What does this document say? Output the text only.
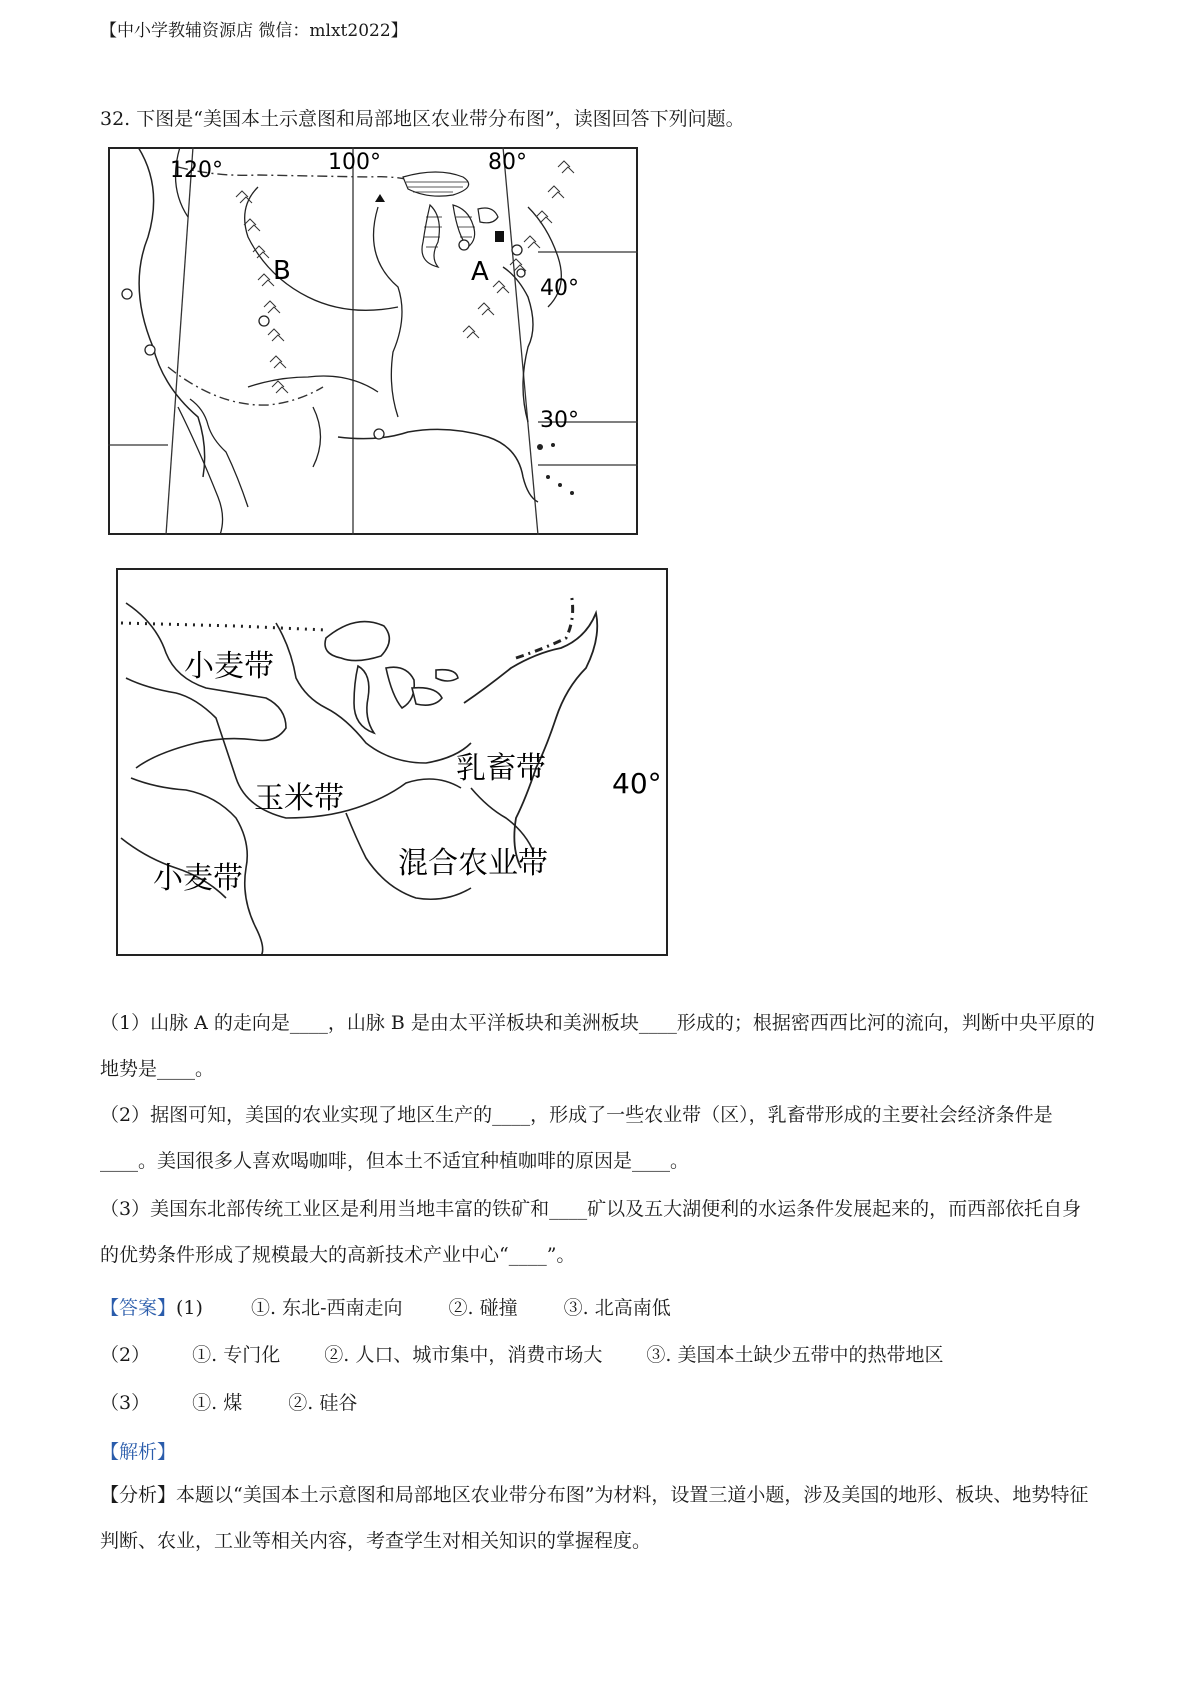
【中小学教辅资源店 微信：mlxt2022】
32. 下图是“美国本土示意图和局部地区农业带分布图”，读图回答下列问题。
120°	100°	80°
40°
30°
A
B
小麦带
玉米带
小麦带
乳畜带
混合农业带
40°
（1）山脉 A 的走向是____，山脉 B 是由太平洋板块和美洲板块____形成的；根据密西西比河的流向，判断中央平原的地势是____。
（2）据图可知，美国的农业实现了地区生产的____，形成了一些农业带（区），乳畜带形成的主要社会经济条件是____。美国很多人喜欢喝咖啡，但本土不适宜种植咖啡的原因是____。
（3）美国东北部传统工业区是利用当地丰富的铁矿和____矿以及五大湖便利的水运条件发展起来的，而西部依托自身的优势条件形成了规模最大的高新技术产业中心“____”。
【答案】(1)	①. 东北-西南走向 ②. 碰撞 ③. 北高南低
（2） ①. 专门化 ②. 人口、城市集中，消费市场大 ③. 美国本土缺少五带中的热带地区
（3） ①. 煤 ②. 硅谷
【解析】
【分析】本题以“美国本土示意图和局部地区农业带分布图”为材料，设置三道小题，涉及美国的地形、板块、地势特征判断、农业，工业等相关内容，考查学生对相关知识的掌握程度。
